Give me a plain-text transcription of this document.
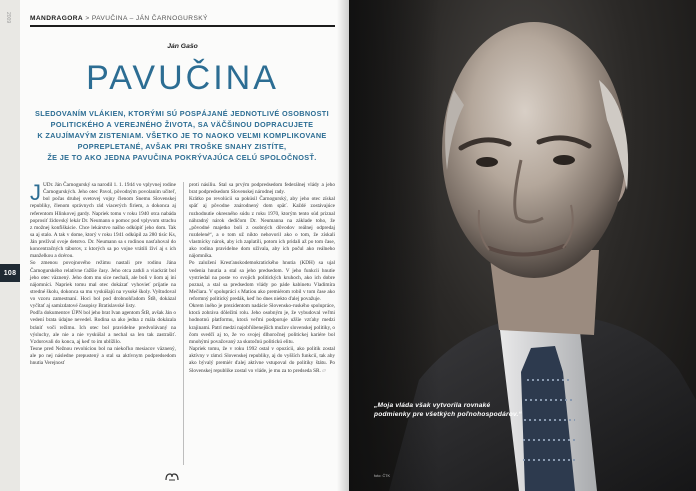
2009
108
MANDRAGORA > PAVUČINA – JÁN ČARNOGURSKÝ
Ján Gašo
PAVUČINA
SLEDOVANÍM VLÁKIEN, KTORÝMI SÚ POSPÁJANÉ JEDNOTLIVÉ OSOBNOSTI
POLITICKÉHO A VEREJNÉHO ŽIVOTA, SA VÄČŠINOU DOPRACUJETE
K ZAUJÍMAVÝM ZISTENIAM. VŠETKO JE TO NAOKO VEĽMI KOMPLIKOVANE
POPREPLETANÉ, AVŠAK PRI TROŠKE SNAHY ZISTÍTE,
ŽE JE TO AKO JEDNA PAVUČINA POKRÝVAJÚCA CELÚ SPOLOČNOSŤ.

J UDr. Ján Čarnogurský sa narodil 1. 1. 1944 vo vplyvnej rodine Čarnogurských. Jeho otec Pavol, pôvodným povolaním učiteľ, bol počas druhej svetovej vojny členom Snemu Slovenskej republiky, členom správnych rád viacerých firiem, a dokonca aj referentom Hlinkovej gardy. Napriek tomu v roku 1940 otca nabáda poprosiť židovský lekár Dr. Neumann o pomoc pod vplyvom strachu z možnej konfiškácie. Chce lekárstvo našho odkúpiť jeho dom. Tak sa aj stalo. A tak v dome, ktorý v roku 1941 odkúpil za 280 tisíc Ks, Ján prežíval svoje detstvo. Dr. Neumann sa s rodinou nasťahoval do koncentračných táborov, z ktorých sa po vojne vrátili živí aj s ich manželkou a dcérou.

So zmenou povojnového režimu nastali pre rodinu Jána Čarnogurského relatívne ťažšie časy. Jeho otca zatkli a viackrát bol jeho otec väznený. Jeho dom mu síce nechali, ale boli v ňom aj iní nájomníci. Napriek tomu mal otec dokázať vyhovieť prijatie na stredné školu, dokonca sa mu vyskúšajú na vysoké školy. Vyštudoval vo vzoru zamestnaní. Hoci bol pod drobnohľadom ŠtB, dokázal vyčítať aj samizdatové časopisy Bratislavské listy.

Podľa dokumentov ÚPN bol jeho brat Ivan agentom ŠtB, avšak Ján o vedení brata údajne nevedel. Rodina sa ako jedna z mála dokázala brániť voči režimu. Ich otec bol pravidelne predvolávaný na výsluchy, ale nie a nie vyskúšal a nechal sa len tak zastrašiť. Vzdorovali do konca, aj keď to im ublížilo.

Tesne pred Nežnou revolúciou bol na niekoľko mesiacov väznený, ale po nej následne prepustený a stal sa aktívnym podpredsedom hnutia Verejnosť

proti násiliu. Stal sa prvým podpredsedom federálnej vlády a jeho brat podpredsedom Slovenskej národnej rady.

Krátko po revolúcii sa pokúsil Čarnogurský, aby jeho otec získal späť aj pôvodne znárodnený dom späť. Každé zostávajúce rozhodnutie okresného súdu z roku 1970, ktorým tento súd priznal náhradný nárok dedičom Dr. Neumanna na základe toho, že „pôvodné majetko boli z osobných dôvodov reálnej odpredaj rozdelené“, a o tom už nikto nehovoril ako o tom, že získali vlastnícky nárok, aby ich zaplatili, potom ich pridali až po tom čase, ako rodina pravidelne dom užívala, aby ich počul ako reálneho nájomníka.

Po založení Kresťanskodemokratického hnutia (KDH) sa ujal vedenia hnutia a stal sa jeho predsedom. V jeho funkcii hnutie vystriedal na poste vo svojich politických kruhoch, ako ich dobre poznal, a stal sa predsedom vlády po páde kabinetu Vladimíra Mečiara. V spolupráci s Matiou ako premiérom robil v tom čase ako reformný politický predák, keď ho dnes niekto ďalej považuje.

Okrem iného je prezidentom nadácie Slovensko-ruského spolupráce, ktorá zohráva dôležitú rolu. Jeho osobným je, že vybudoval veľmi hodnotnú platformu, ktorá veľmi podporuje užšie vzťahy medzi krajinami. Patrí medzi najobľúbenejších mužov slovenskej politiky, o čom svedčí aj to, že vo svojej dlhoročnej politickej kariére bol mnohými považovaný za skutočnú politickú elitu.

Napriek tomu, že v roku 1992 ostal v opozícii, ako politik zostal aktívny v rámci Slovenskej republiky, aj do vyšších funkcií, tak aby ako bývalý premiér ďalej aktívne vstupoval do politiky štátu. Po Slovenskej republike zostal vo vláde, je mu za to predseda SR. ///

„Moja vláda však vytvorila rovnaké
podmienky pre všetkých poľnohospodárov.“
foto: ČTK
